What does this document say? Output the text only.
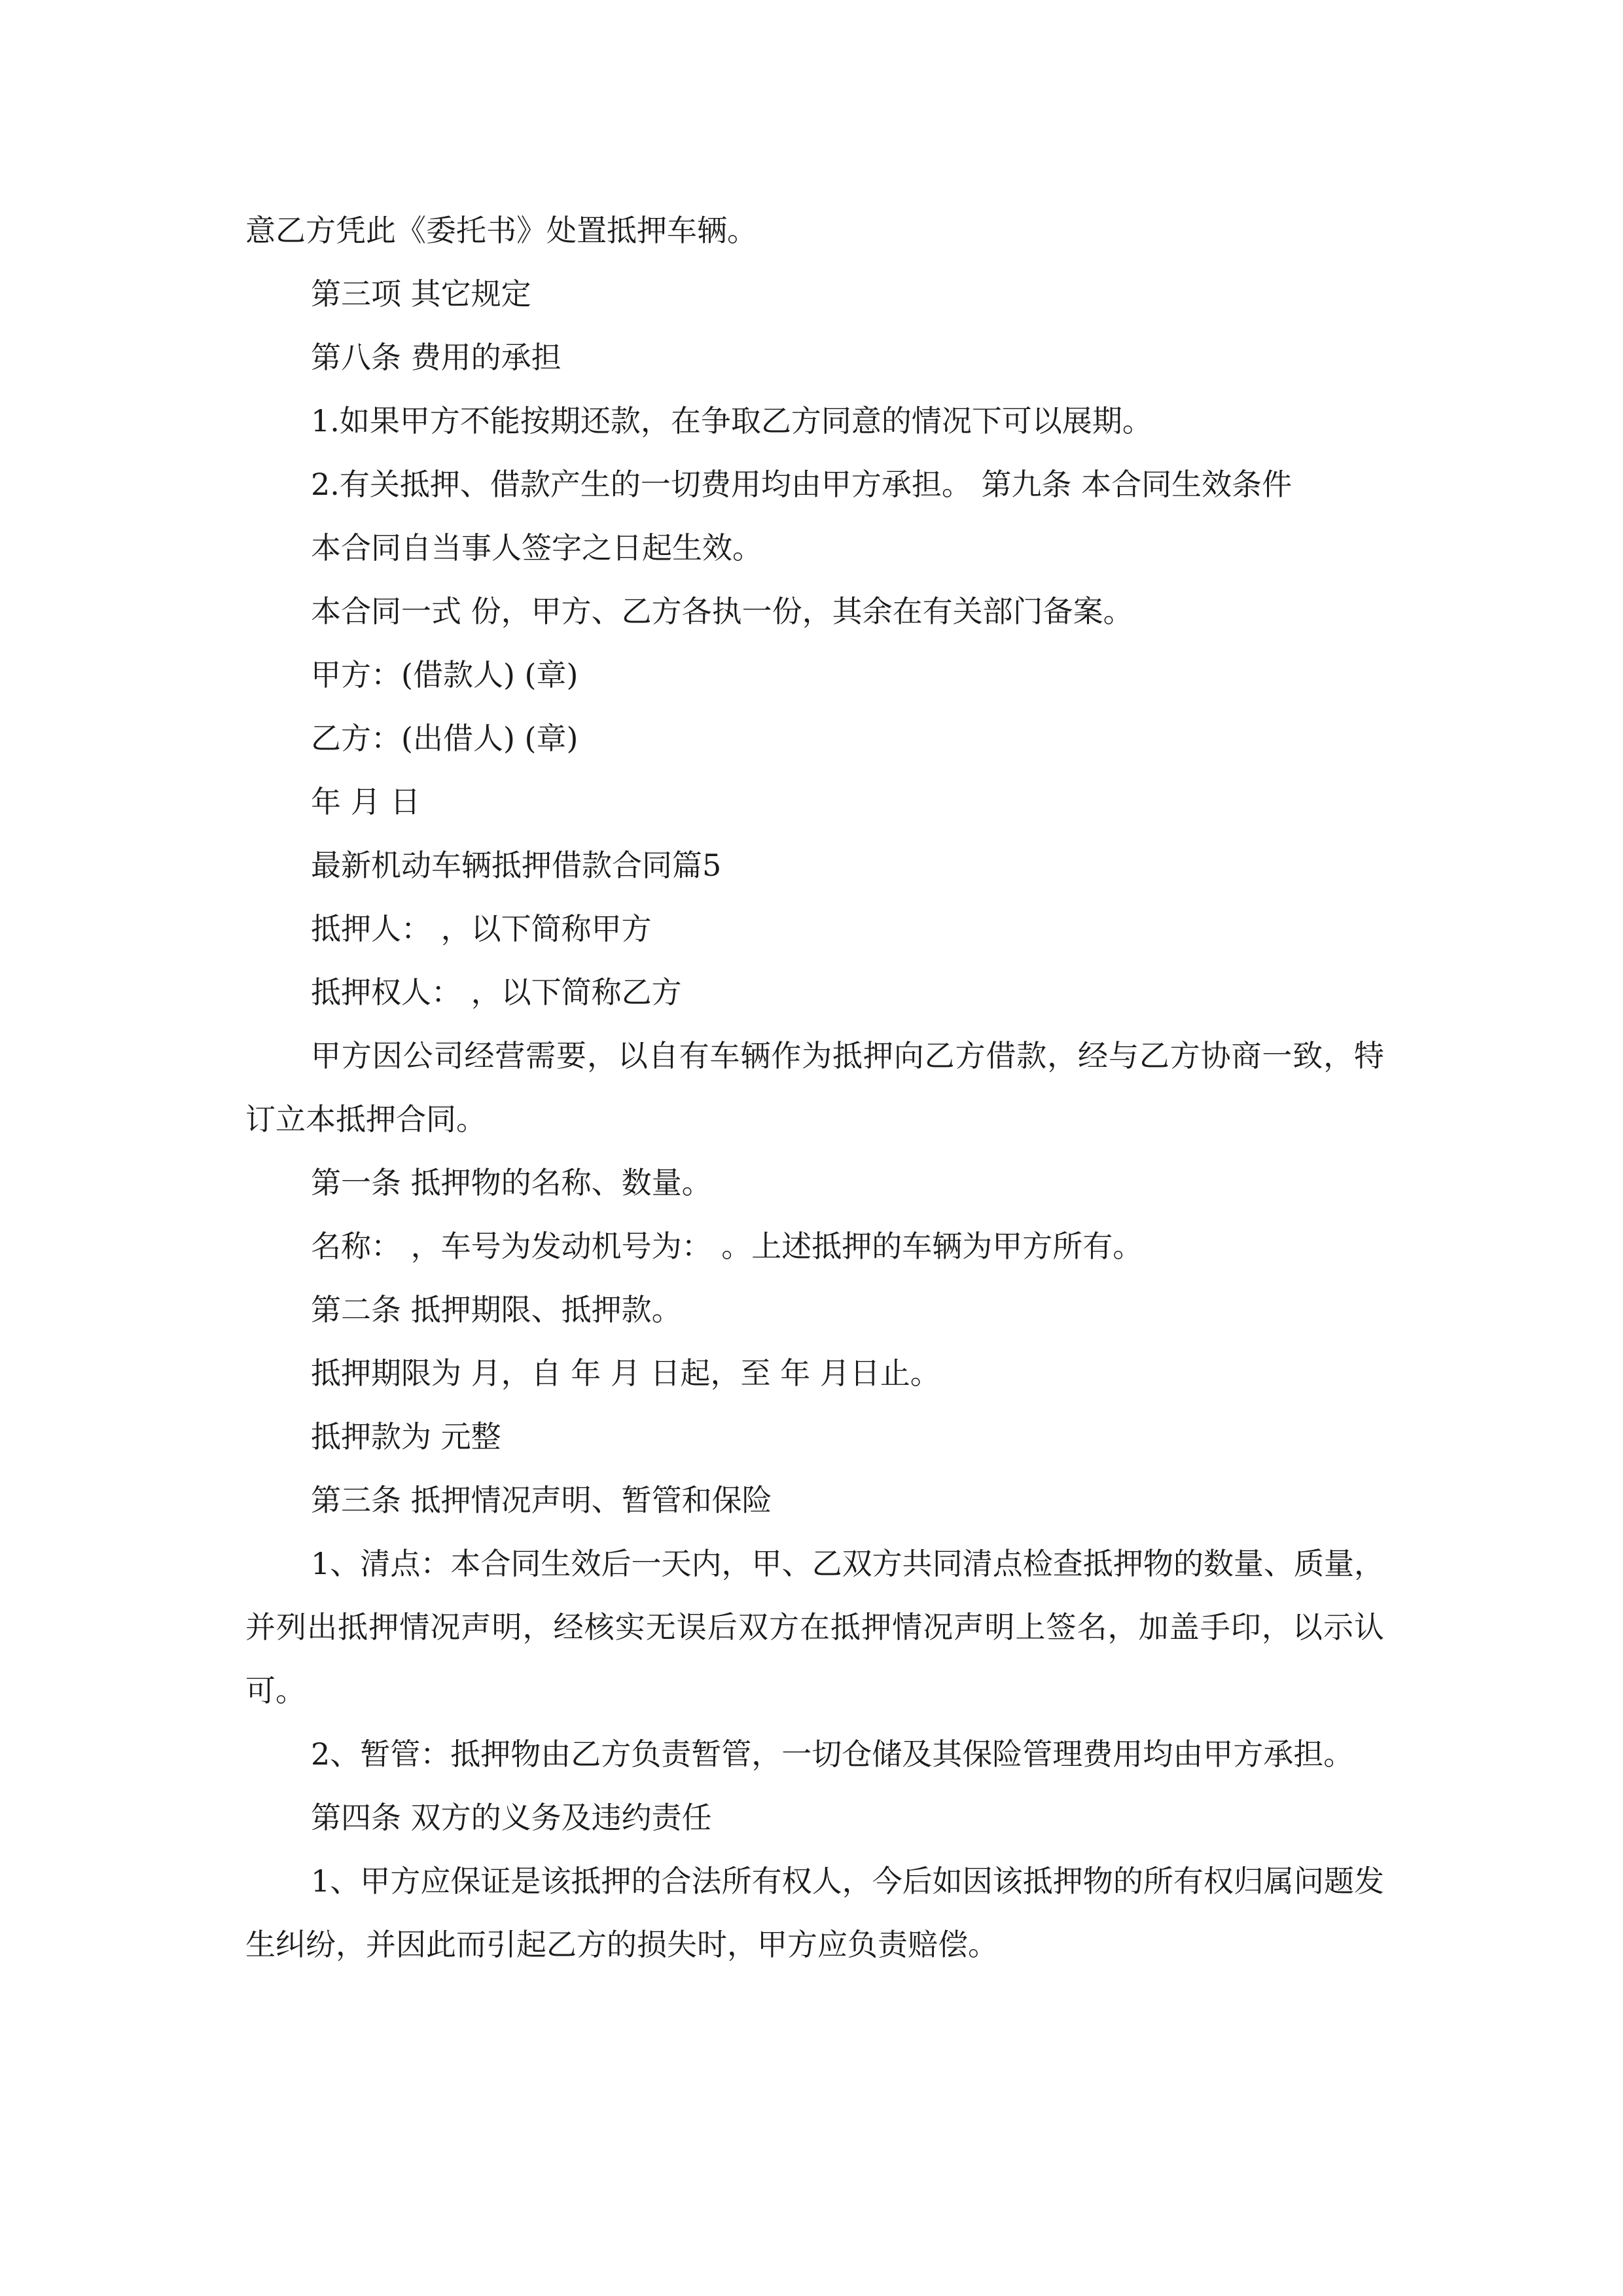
意乙方凭此《委托书》处置抵押车辆。

第三项 其它规定

第八条 费用的承担

1.如果甲方不能按期还款，在争取乙方同意的情况下可以展期。

2.有关抵押、借款产生的一切费用均由甲方承担。 第九条 本合同生效条件

本合同自当事人签字之日起生效。

本合同一式 份，甲方、乙方各执一份，其余在有关部门备案。

甲方：(借款人) (章)

乙方：(出借人) (章)

年 月 日

最新机动车辆抵押借款合同篇5

抵押人： ，以下简称甲方

抵押权人： ，以下简称乙方

甲方因公司经营需要，以自有车辆作为抵押向乙方借款，经与乙方协商一致，特订立本抵押合同。

第一条 抵押物的名称、数量。

名称： ，车号为发动机号为： 。上述抵押的车辆为甲方所有。

第二条 抵押期限、抵押款。

抵押期限为 月，自 年 月 日起，至 年 月日止。

抵押款为 元整

第三条 抵押情况声明、暂管和保险

1、清点：本合同生效后一天内，甲、乙双方共同清点检查抵押物的数量、质量，并列出抵押情况声明，经核实无误后双方在抵押情况声明上签名，加盖手印，以示认可。

2、暂管：抵押物由乙方负责暂管，一切仓储及其保险管理费用均由甲方承担。

第四条 双方的义务及违约责任

1、甲方应保证是该抵押的合法所有权人，今后如因该抵押物的所有权归属问题发生纠纷，并因此而引起乙方的损失时，甲方应负责赔偿。
